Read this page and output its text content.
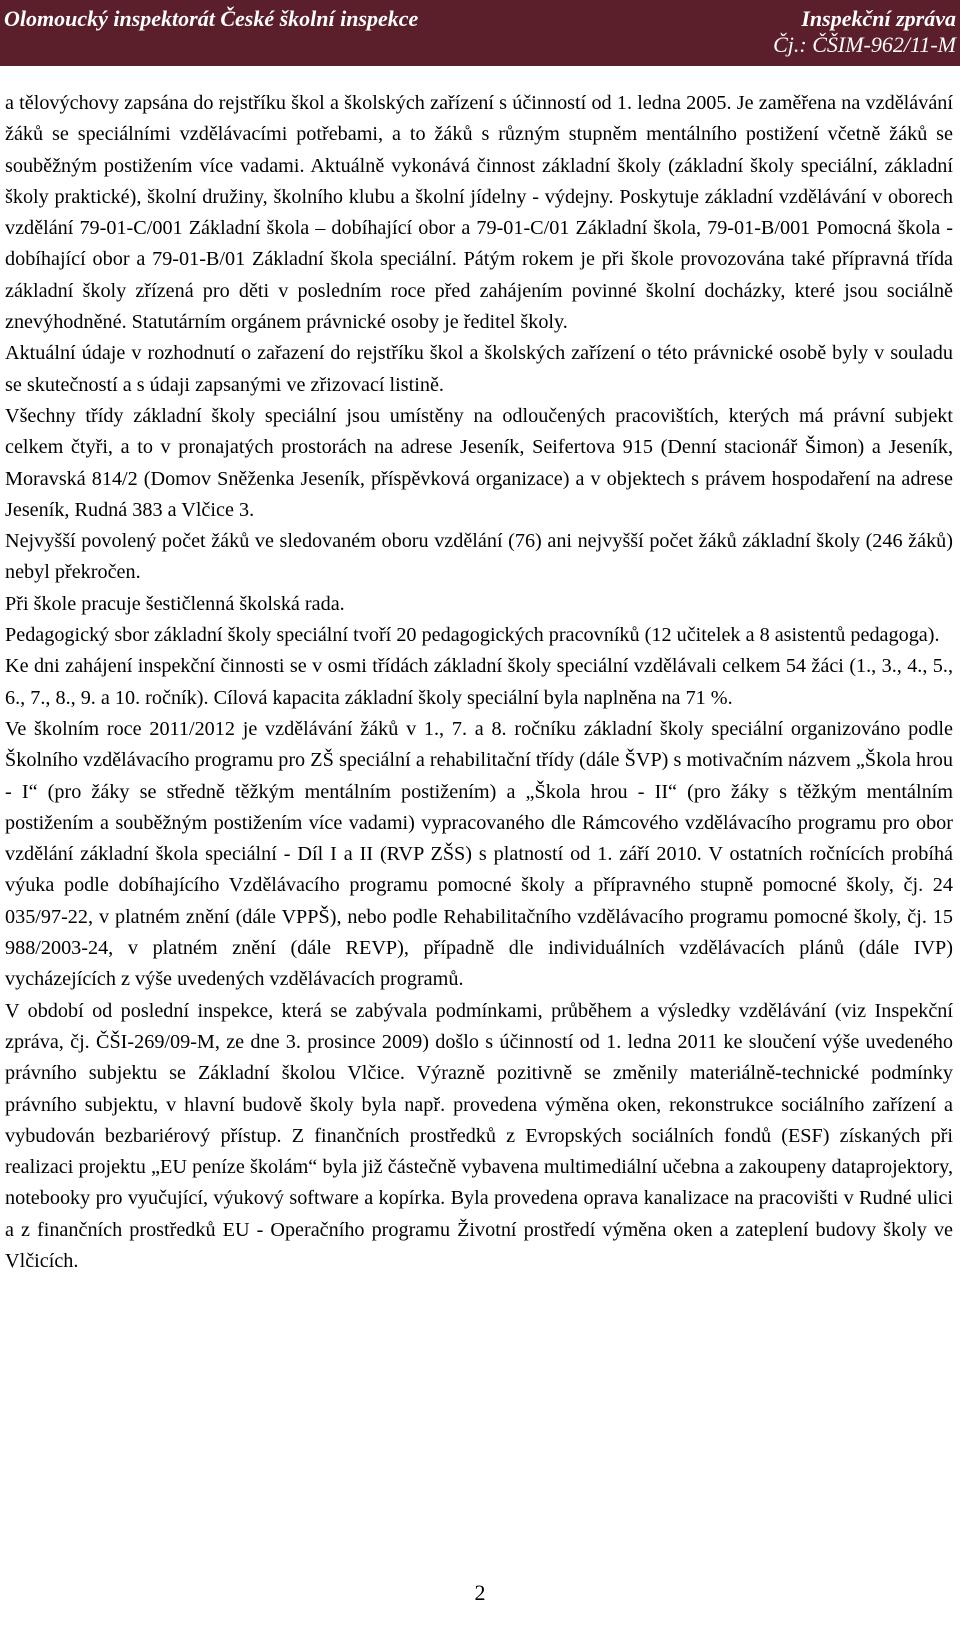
Olomoucký inspektorát České školní inspekce	Inspekční zpráva
Čj.: ČŠIM-962/11-M

a tělovýchovy zapsána do rejstříku škol a školských zařízení s účinností od 1. ledna 2005. Je zaměřena na vzdělávání žáků se speciálními vzdělávacími potřebami, a to žáků s různým stupněm mentálního postižení včetně žáků se souběžným postižením více vadami. Aktuálně vykonává činnost základní školy (základní školy speciální, základní školy praktické), školní družiny, školního klubu a školní jídelny - výdejny. Poskytuje základní vzdělávání v oborech vzdělání 79-01-C/001 Základní škola – dobíhající obor a 79-01-C/01 Základní škola, 79-01-B/001 Pomocná škola - dobíhající obor a 79-01-B/01 Základní škola speciální. Pátým rokem je při škole provozována také přípravná třída základní školy zřízená pro děti v posledním roce před zahájením povinné školní docházky, které jsou sociálně znevýhodněné. Statutárním orgánem právnické osoby je ředitel školy.

Aktuální údaje v rozhodnutí o zařazení do rejstříku škol a školských zařízení o této právnické osobě byly v souladu se skutečností a s údaji zapsanými ve zřizovací listině.

Všechny třídy základní školy speciální jsou umístěny na odloučených pracovištích, kterých má právní subjekt celkem čtyři, a to v pronajatých prostorách na adrese Jeseník, Seifertova 915 (Denní stacionář Šimon) a Jeseník, Moravská 814/2 (Domov Sněženka Jeseník, příspěvková organizace) a v objektech s právem hospodaření na adrese Jeseník, Rudná 383 a Vlčice 3.

Nejvyšší povolený počet žáků ve sledovaném oboru vzdělání (76) ani nejvyšší počet žáků základní školy (246 žáků) nebyl překročen.

Při škole pracuje šestičlenná školská rada.

Pedagogický sbor základní školy speciální tvoří 20 pedagogických pracovníků (12 učitelek a 8 asistentů pedagoga).

Ke dni zahájení inspekční činnosti se v osmi třídách základní školy speciální vzdělávali celkem 54 žáci (1., 3., 4., 5., 6., 7., 8., 9. a 10. ročník). Cílová kapacita základní školy speciální byla naplněna na 71 %.

Ve školním roce 2011/2012 je vzdělávání žáků v 1., 7. a 8. ročníku základní školy speciální organizováno podle Školního vzdělávacího programu pro ZŠ speciální a rehabilitační třídy (dále ŠVP) s motivačním názvem „Škola hrou - I“ (pro žáky se středně těžkým mentálním postižením) a „Škola hrou - II“ (pro žáky s těžkým mentálním postižením a souběžným postižením více vadami) vypracovaného dle Rámcového vzdělávacího programu pro obor vzdělání základní škola speciální - Díl I a II (RVP ZŠS) s platností od 1. září 2010. V ostatních ročnících probíhá výuka podle dobíhajícího Vzdělávacího programu pomocné školy a přípravného stupně pomocné školy, čj. 24 035/97-22, v platném znění (dále VPPŠ), nebo podle Rehabilitačního vzdělávacího programu pomocné školy, čj. 15 988/2003-24, v platném znění (dále REVP), případně dle individuálních vzdělávacích plánů (dále IVP) vycházejících z výše uvedených vzdělávacích programů.

V období od poslední inspekce, která se zabývala podmínkami, průběhem a výsledky vzdělávání (viz Inspekční zpráva, čj. ČŠI-269/09-M, ze dne 3. prosince 2009) došlo s účinností od 1. ledna 2011 ke sloučení výše uvedeného právního subjektu se Základní školou Vlčice. Výrazně pozitivně se změnily materiálně-technické podmínky právního subjektu, v hlavní budově školy byla např. provedena výměna oken, rekonstrukce sociálního zařízení a vybudován bezbariérový přístup. Z finančních prostředků z Evropských sociálních fondů (ESF) získaných při realizaci projektu „EU peníze školám“ byla již částečně vybavena multimediální učebna a zakoupeny dataprojektory, notebooky pro vyučující, výukový software a kopírka. Byla provedena oprava kanalizace na pracovišti v Rudné ulici a z finančních prostředků EU - Operačního programu Životní prostředí výměna oken a zateplení budovy školy ve Vlčicích.

2
